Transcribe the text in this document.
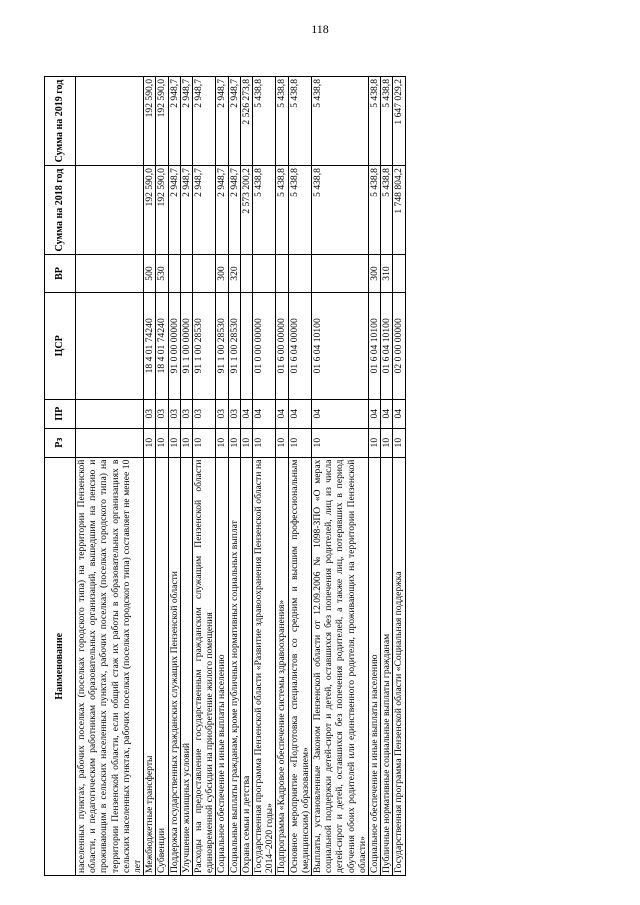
118
Наименование	Рз	ПР	ЦСР	ВР	Сумма на 2018 год	Сумма на 2019 год
населенных пунктах, рабочих поселках (поселках городского типа) на территории Пензенской области, и педагогическим работникам образовательных организаций, вышедшим на пенсию и проживающим в сельских населенных пунктах, рабочих поселках (поселках городского типа) на территории Пензенской области, если общий стаж их работы в образовательных организациях в сельских населенных пунктах, рабочих поселках (поселках городского типа) составляет не менее 10 лет						
Межбюджетные трансферты	10	03	18 4 01 74240	500	192 590,0	192 590,0
Субвенции	10	03	18 4 01 74240	530	192 590,0	192 590,0
Поддержка государственных гражданских служащих Пензенской области	10	03	91 0 00 00000		2 948,7	2 948,7
Улучшение жилищных условий	10	03	91 1 00 00000		2 948,7	2 948,7
Расходы на предоставление государственным гражданским служащим Пензенской области единовременной субсидии на приобретение жилого помещения	10	03	91 1 00 28530		2 948,7	2 948,7
Социальное обеспечение и иные выплаты населению	10	03	91 1 00 28530	300	2 948,7	2 948,7
Социальные выплаты гражданам, кроме публичных нормативных социальных выплат	10	03	91 1 00 28530	320	2 948,7	2 948,7
Охрана семьи и детства	10	04			2 573 200,2	2 526 273,8
Государственная программа Пензенской области «Развитие здравоохранения Пензенской области на 2014–2020 годы»	10	04	01 0 00 00000		5 438,8	5 438,8
Подпрограмма «Кадровое обеспечение системы здравоохранения»	10	04	01 6 00 00000		5 438,8	5 438,8
Основное мероприятие «Подготовка специалистов со средним и высшим профессиональным (медицинским) образованием»	10	04	01 6 04 00000		5 438,8	5 438,8
Выплаты, установленные Законом Пензенской области от 12.09.2006 № 1098-ЗПО «О мерах социальной поддержки детей-сирот и детей, оставшихся без попечения родителей, лиц из числа детей-сирот и детей, оставшихся без попечения родителей, а также лиц, потерявших в период обучения обоих родителей или единственного родителя, проживающих на территории Пензенской области»	10	04	01 6 04 10100		5 438,8	5 438,8
Социальное обеспечение и иные выплаты населению	10	04	01 6 04 10100	300	5 438,8	5 438,8
Публичные нормативные социальные выплаты гражданам	10	04	01 6 04 10100	310	5 438,8	5 438,8
Государственная программа Пензенской области «Социальная поддержка	10	04	02 0 00 00000		1 748 804,2	1 647 029,2
